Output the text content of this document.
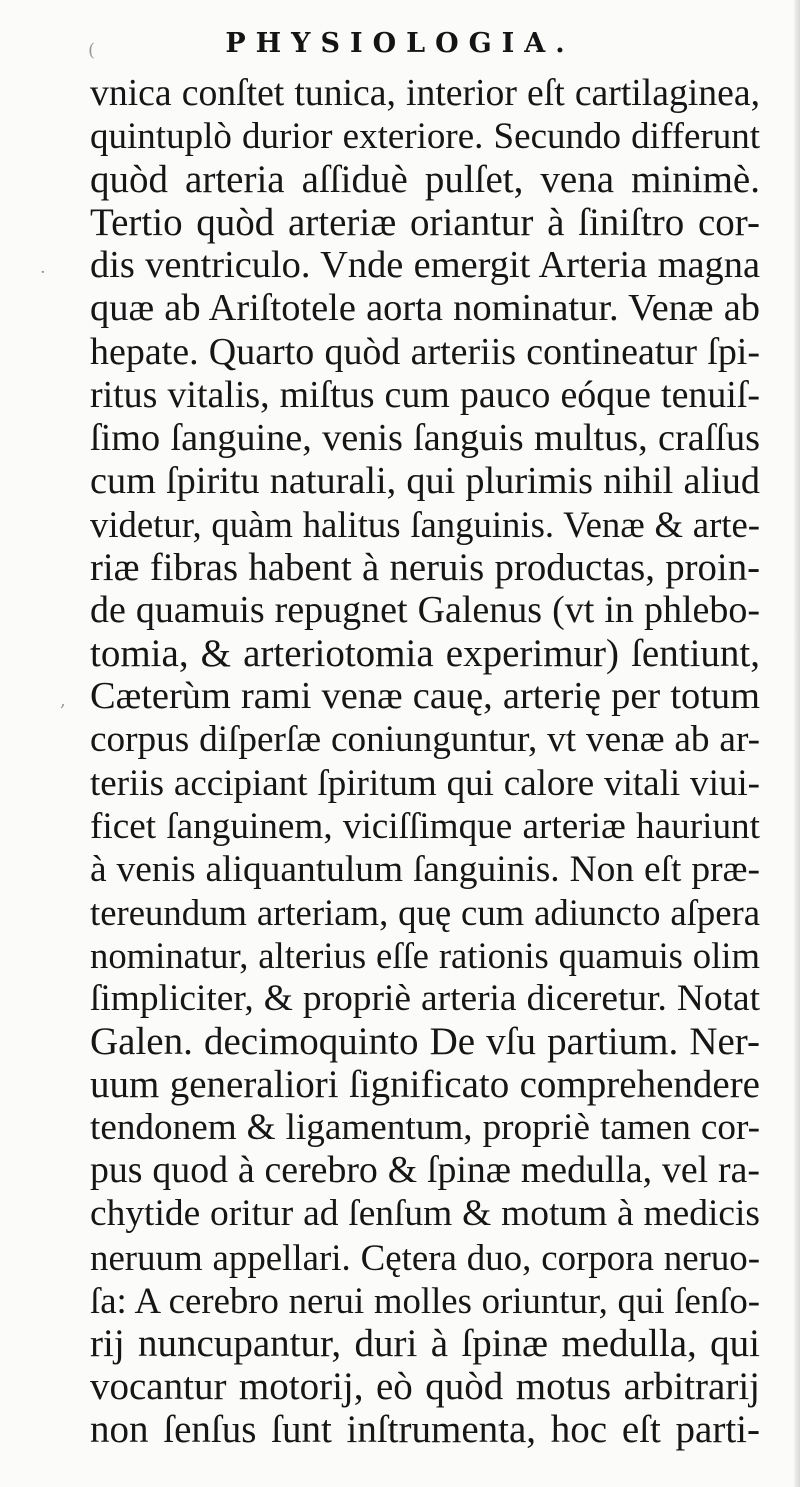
PHYSIOLOGIA.
(
·
,
vnica conſtet tunica, interior eſt cartilaginea,
quintuplò durior exteriore. Secundo differunt
quòd arteria aſſiduè pulſet, vena minimè.
Tertio quòd arteriæ oriantur à ſiniſtro cor-
dis ventriculo. Vnde emergit Arteria magna
quæ ab Ariſtotele aorta nominatur. Venæ ab
hepate. Quarto quòd arteriis contineatur ſpi-
ritus vitalis, miſtus cum pauco eóque tenuiſ-
ſimo ſanguine, venis ſanguis multus, craſſus
cum ſpiritu naturali, qui plurimis nihil aliud
videtur, quàm halitus ſanguinis. Venæ & arte-
riæ fibras habent à neruis productas, proin-
de quamuis repugnet Galenus (vt in phlebo-
tomia, & arteriotomia experimur) ſentiunt,
Cæterùm rami venæ cauę, arterię per totum
corpus diſperſæ coniunguntur, vt venæ ab ar-
teriis accipiant ſpiritum qui calore vitali viui-
ficet ſanguinem, viciſſimque arteriæ hauriunt
à venis aliquantulum ſanguinis. Non eſt præ-
tereundum arteriam, quę cum adiuncto aſpera
nominatur, alterius eſſe rationis quamuis olim
ſimpliciter, & propriè arteria diceretur. Notat
Galen. decimoquinto De vſu partium. Ner-
uum generaliori ſignificato comprehendere
tendonem & ligamentum, propriè tamen cor-
pus quod à cerebro & ſpinæ medulla, vel ra-
chytide oritur ad ſenſum & motum à medicis
neruum appellari. Cętera duo, corpora neruo-
ſa: A cerebro nerui molles oriuntur, qui ſenſo-
rij nuncupantur, duri à ſpinæ medulla, qui
vocantur motorij, eò quòd motus arbitrarij
non ſenſus ſunt inſtrumenta, hoc eſt parti-
